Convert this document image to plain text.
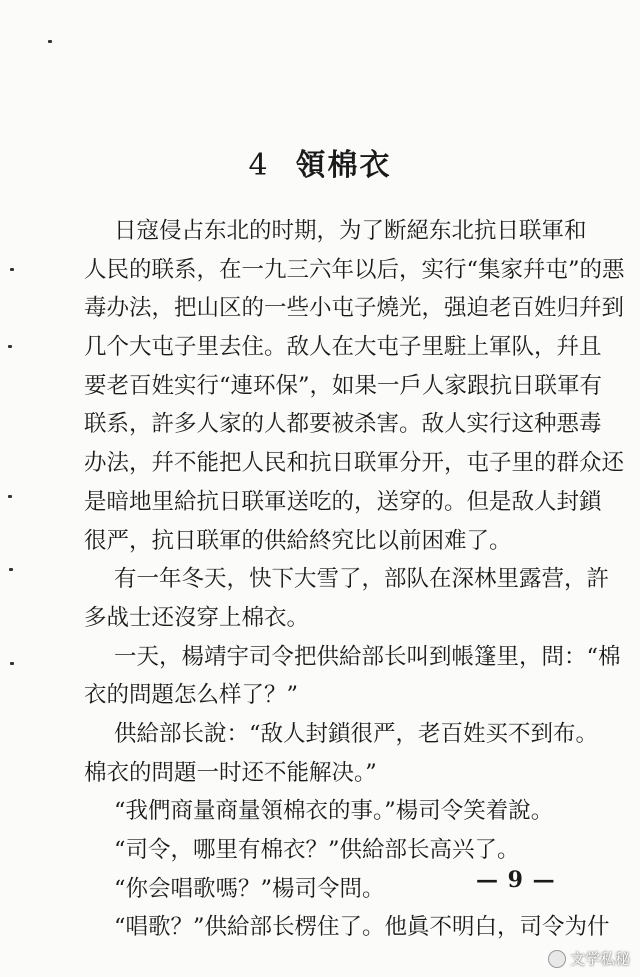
4 領棉衣
日寇侵占东北的时期，为了断絕东北抗日联軍和
人民的联系，在一九三六年以后，实行“集家幷屯”的悪
毒办法，把山区的一些小屯子燒光，强迫老百姓归幷到
几个大屯子里去住。敌人在大屯子里駐上軍队，幷且
要老百姓实行“連环保”，如果一戶人家跟抗日联軍有
联系，許多人家的人都要被杀害。敌人实行这种悪毒
办法，幷不能把人民和抗日联軍分开，屯子里的群众还
是暗地里給抗日联軍送吃的，送穿的。但是敌人封鎖
很严，抗日联軍的供給終究比以前困难了。
有一年冬天，快下大雪了，部队在深林里露营，許
多战士还沒穿上棉衣。
一天，楊靖宇司令把供給部长叫到帳篷里，問：“棉
衣的問題怎么样了？”
供給部长說：“敌人封鎖很严，老百姓买不到布。
棉衣的問題一时还不能解决。”
“我們商量商量領棉衣的事。”楊司令笑着說。
“司令，哪里有棉衣？”供給部长高兴了。
“你会唱歌嗎？”楊司令問。
“唱歌？”供給部长楞住了。他眞不明白，司令为什
— 9 —
文学私秘
